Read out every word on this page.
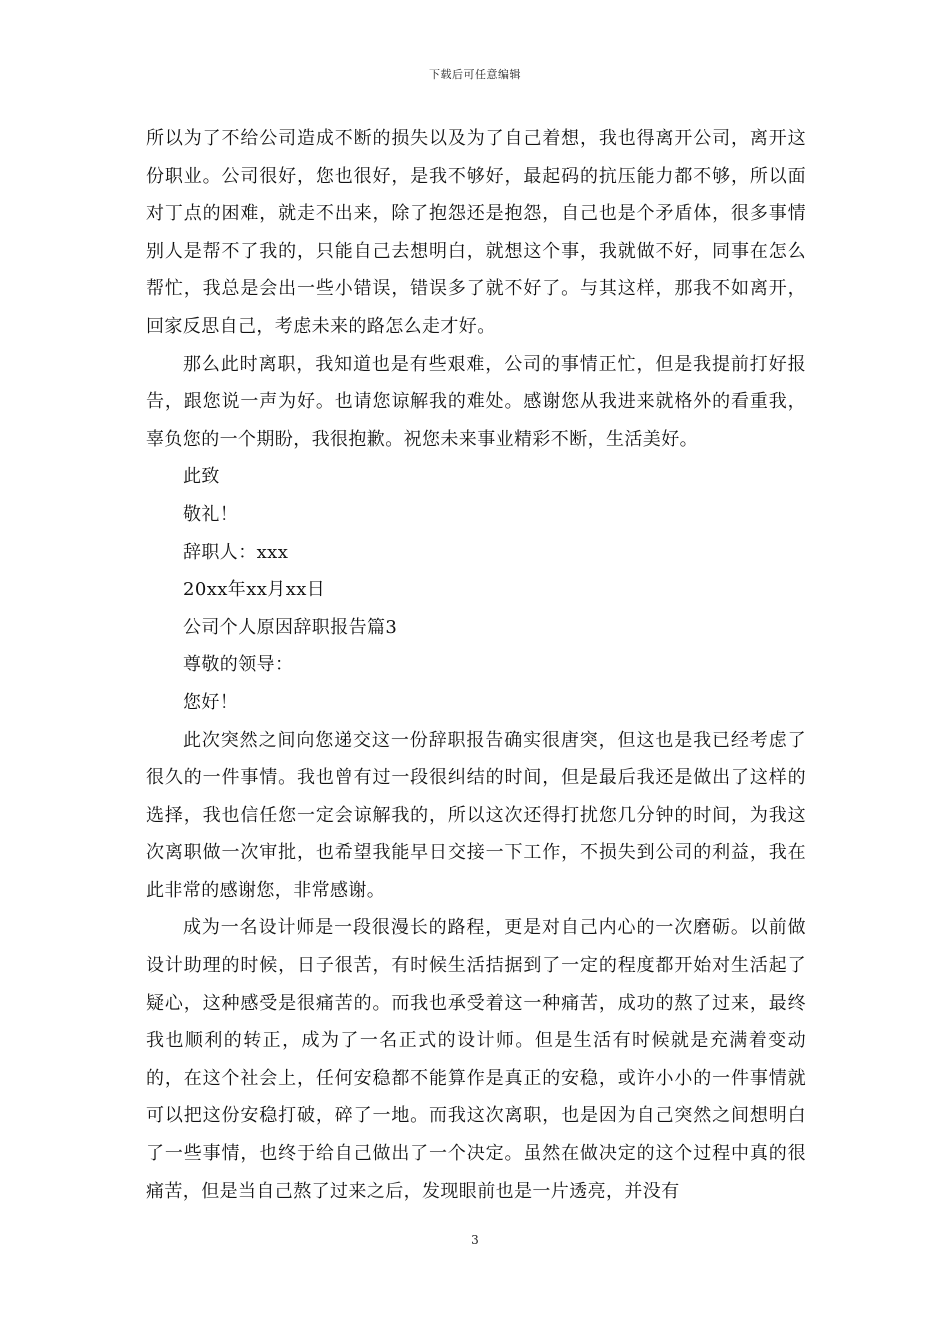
下载后可任意编辑

所以为了不给公司造成不断的损失以及为了自己着想，我也得离开公司，离开这份职业。公司很好，您也很好，是我不够好，最起码的抗压能力都不够，所以面对丁点的困难，就走不出来，除了抱怨还是抱怨，自己也是个矛盾体，很多事情别人是帮不了我的，只能自己去想明白，就想这个事，我就做不好，同事在怎么帮忙，我总是会出一些小错误，错误多了就不好了。与其这样，那我不如离开，回家反思自己，考虑未来的路怎么走才好。

那么此时离职，我知道也是有些艰难，公司的事情正忙，但是我提前打好报告，跟您说一声为好。也请您谅解我的难处。感谢您从我进来就格外的看重我，辜负您的一个期盼，我很抱歉。祝您未来事业精彩不断，生活美好。

此致

敬礼！

辞职人：xxx

20xx年xx月xx日

公司个人原因辞职报告篇3

尊敬的领导：

您好！

此次突然之间向您递交这一份辞职报告确实很唐突，但这也是我已经考虑了很久的一件事情。我也曾有过一段很纠结的时间，但是最后我还是做出了这样的选择，我也信任您一定会谅解我的，所以这次还得打扰您几分钟的时间，为我这次离职做一次审批，也希望我能早日交接一下工作，不损失到公司的利益，我在此非常的感谢您，非常感谢。

成为一名设计师是一段很漫长的路程，更是对自己内心的一次磨砺。以前做设计助理的时候，日子很苦，有时候生活拮据到了一定的程度都开始对生活起了疑心，这种感受是很痛苦的。而我也承受着这一种痛苦，成功的熬了过来，最终我也顺利的转正，成为了一名正式的设计师。但是生活有时候就是充满着变动的，在这个社会上，任何安稳都不能算作是真正的安稳，或许小小的一件事情就可以把这份安稳打破，碎了一地。而我这次离职，也是因为自己突然之间想明白了一些事情，也终于给自己做出了一个决定。虽然在做决定的这个过程中真的很痛苦，但是当自己熬了过来之后，发现眼前也是一片透亮，并没有

3
